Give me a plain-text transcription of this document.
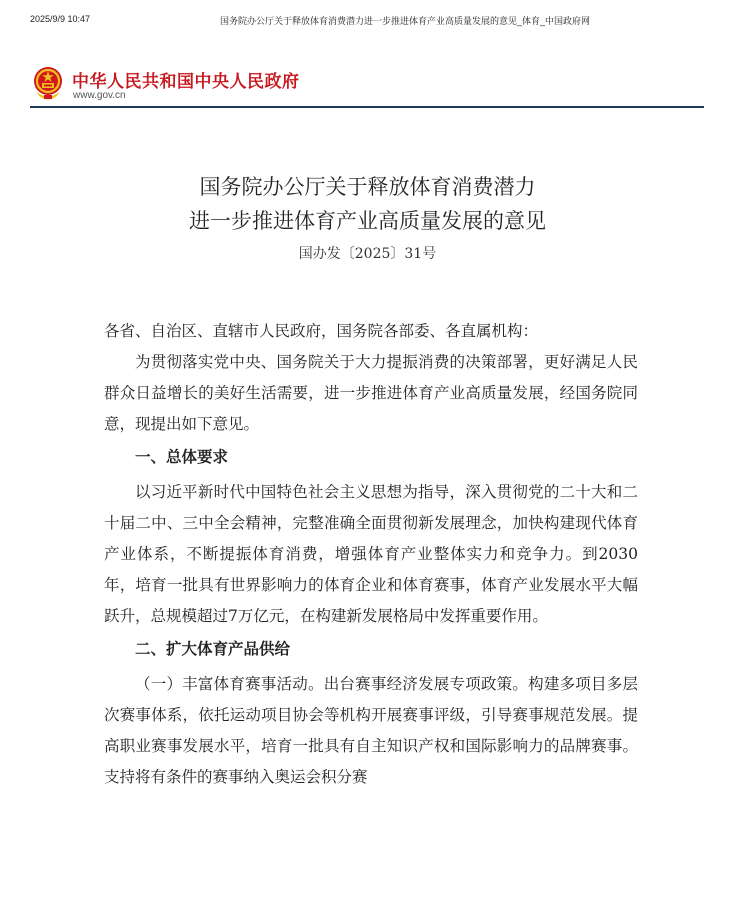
2025/9/9 10:47	国务院办公厅关于释放体育消费潜力进一步推进体育产业高质量发展的意见_体育_中国政府网
中华人民共和国中央人民政府
www.gov.cn
国务院办公厅关于释放体育消费潜力
进一步推进体育产业高质量发展的意见
国办发〔2025〕31号

各省、自治区、直辖市人民政府，国务院各部委、各直属机构：

为贯彻落实党中央、国务院关于大力提振消费的决策部署，更好满足人民群众日益增长的美好生活需要，进一步推进体育产业高质量发展，经国务院同意，现提出如下意见。

一、总体要求

以习近平新时代中国特色社会主义思想为指导，深入贯彻党的二十大和二十届二中、三中全会精神，完整准确全面贯彻新发展理念，加快构建现代体育产业体系，不断提振体育消费，增强体育产业整体实力和竞争力。到2030年，培育一批具有世界影响力的体育企业和体育赛事，体育产业发展水平大幅跃升，总规模超过7万亿元，在构建新发展格局中发挥重要作用。

二、扩大体育产品供给

（一）丰富体育赛事活动。出台赛事经济发展专项政策。构建多项目多层次赛事体系，依托运动项目协会等机构开展赛事评级，引导赛事规范发展。提高职业赛事发展水平，培育一批具有自主知识产权和国际影响力的品牌赛事。支持将有条件的赛事纳入奥运会积分赛
